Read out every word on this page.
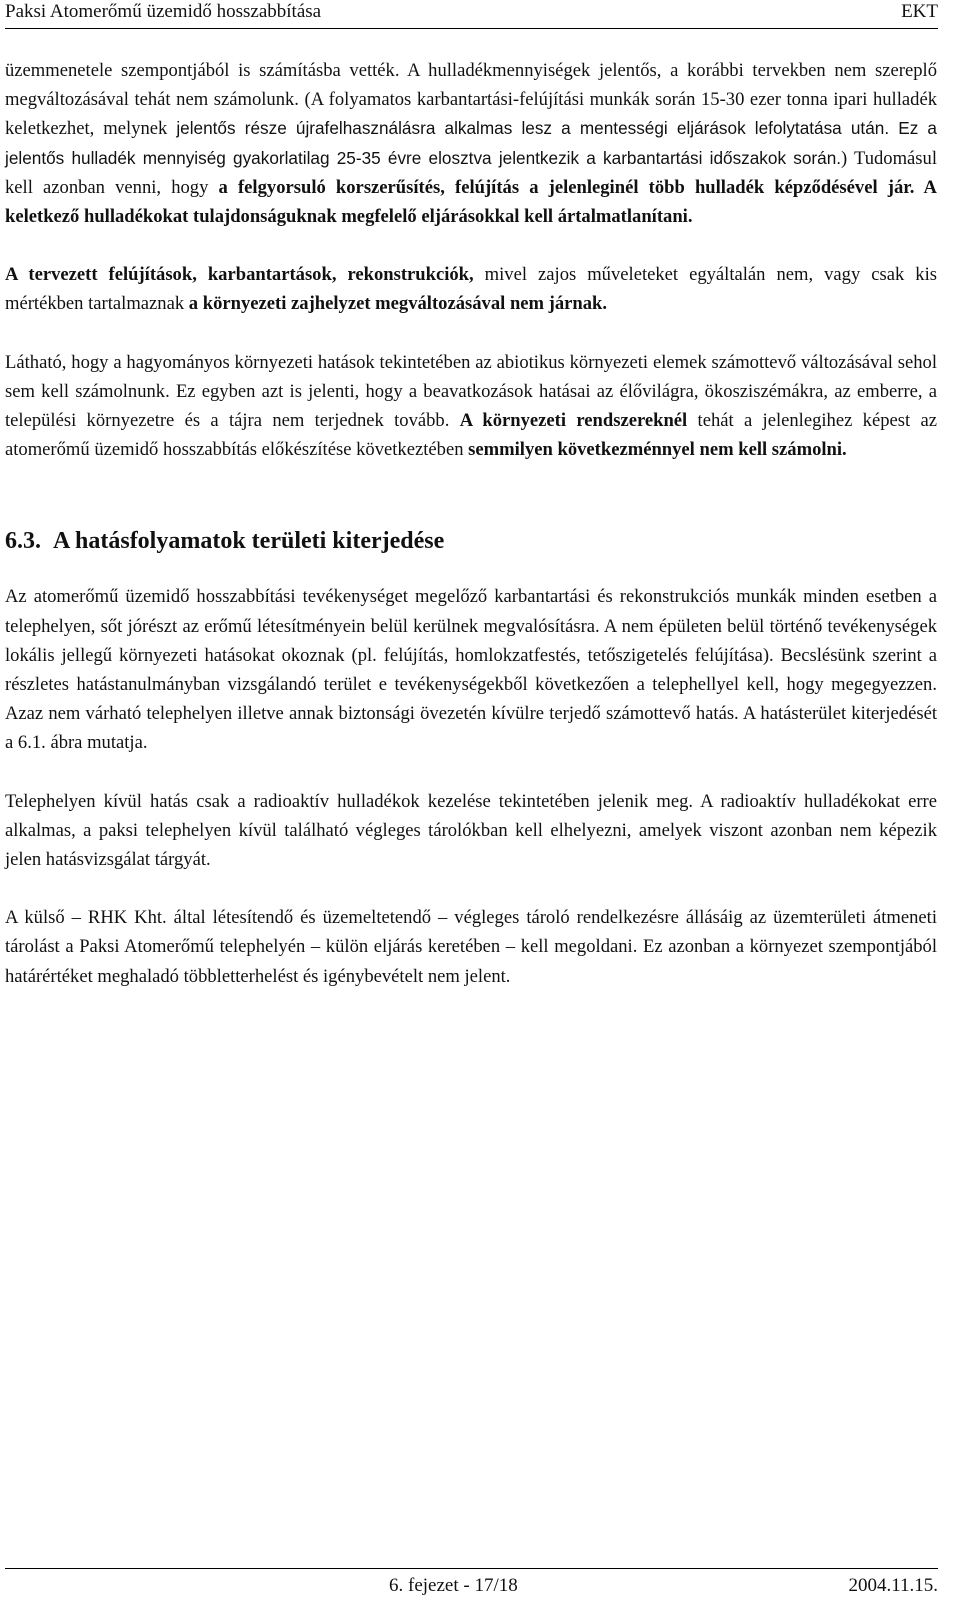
Paksi Atomerőmű üzemidő hosszabbítása	EKT

üzemmenetele szempontjából is számításba vették. A hulladékmennyiségek jelentős, a korábbi tervekben nem szereplő megváltozásával tehát nem számolunk. (A folyamatos karbantartási-felújítási munkák során 15-30 ezer tonna ipari hulladék keletkezhet, melynek jelentős része újrafelhasználásra alkalmas lesz a mentességi eljárások lefolytatása után. Ez a jelentős hulladék mennyiség gyakorlatilag 25-35 évre elosztva jelentkezik a karbantartási időszakok során.) Tudomásul kell azonban venni, hogy a felgyorsuló korszerűsítés, felújítás a jelenleginél több hulladék képződésével jár. A keletkező hulladékokat tulajdonságuknak megfelelő eljárásokkal kell ártalmatlanítani.

A tervezett felújítások, karbantartások, rekonstrukciók, mivel zajos műveleteket egyáltalán nem, vagy csak kis mértékben tartalmaznak a környezeti zajhelyzet megváltozásával nem járnak.

Látható, hogy a hagyományos környezeti hatások tekintetében az abiotikus környezeti elemek számottevő változásával sehol sem kell számolnunk. Ez egyben azt is jelenti, hogy a beavatkozások hatásai az élővilágra, ökosziszémákra, az emberre, a települési környezetre és a tájra nem terjednek tovább. A környezeti rendszereknél tehát a jelenlegihez képest az atomerőmű üzemidő hosszabbítás előkészítése következtében semmilyen következménnyel nem kell számolni.

6.3. A hatásfolyamatok területi kiterjedése

Az atomerőmű üzemidő hosszabbítási tevékenységet megelőző karbantartási és rekonstrukciós munkák minden esetben a telephelyen, sőt jórészt az erőmű létesítményein belül kerülnek megvalósításra. A nem épületen belül történő tevékenységek lokális jellegű környezeti hatásokat okoznak (pl. felújítás, homlokzatfestés, tetőszigetelés felújítása). Becslésünk szerint a részletes hatástanulmányban vizsgálandó terület e tevékenységekből következően a telephellyel kell, hogy megegyezzen. Azaz nem várható telephelyen illetve annak biztonsági övezetén kívülre terjedő számottevő hatás. A hatásterület kiterjedését a 6.1. ábra mutatja.

Telephelyen kívül hatás csak a radioaktív hulladékok kezelése tekintetében jelenik meg. A radioaktív hulladékokat erre alkalmas, a paksi telephelyen kívül található végleges tárolókban kell elhelyezni, amelyek viszont azonban nem képezik jelen hatásvizsgálat tárgyát.

A külső – RHK Kht. által létesítendő és üzemeltetendő – végleges tároló rendelkezésre állásáig az üzemterületi átmeneti tárolást a Paksi Atomerőmű telephelyén – külön eljárás keretében – kell megoldani. Ez azonban a környezet szempontjából határértéket meghaladó többletterhelést és igénybevételt nem jelent.

6. fejezet - 17/18	2004.11.15.
